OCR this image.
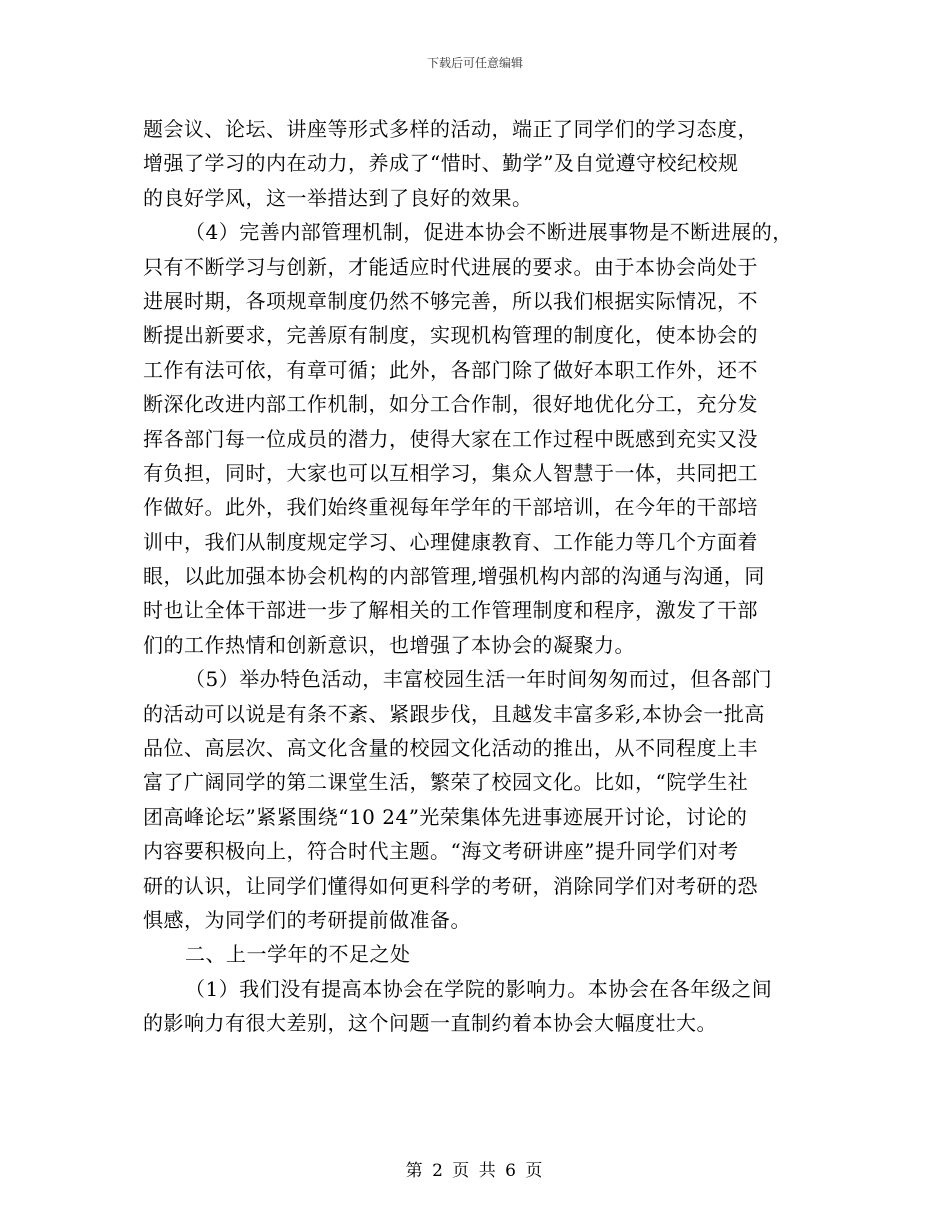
下载后可任意编辑
题会议、论坛、讲座等形式多样的活动，端正了同学们的学习态度，
增强了学习的内在动力，养成了“惜时、勤学”及自觉遵守校纪校规
的良好学风，这一举措达到了良好的效果。
（4）完善内部管理机制，促进本协会不断进展事物是不断进展的，
只有不断学习与创新，才能适应时代进展的要求。由于本协会尚处于
进展时期，各项规章制度仍然不够完善，所以我们根据实际情况，不
断提出新要求，完善原有制度，实现机构管理的制度化，使本协会的
工作有法可依，有章可循；此外，各部门除了做好本职工作外，还不
断深化改进内部工作机制，如分工合作制，很好地优化分工，充分发
挥各部门每一位成员的潜力，使得大家在工作过程中既感到充实又没
有负担，同时，大家也可以互相学习，集众人智慧于一体，共同把工
作做好。此外，我们始终重视每年学年的干部培训，在今年的干部培
训中，我们从制度规定学习、心理健康教育、工作能力等几个方面着
眼，以此加强本协会机构的内部管理,增强机构内部的沟通与沟通，同
时也让全体干部进一步了解相关的工作管理制度和程序，激发了干部
们的工作热情和创新意识，也增强了本协会的凝聚力。
（5）举办特色活动，丰富校园生活一年时间匆匆而过，但各部门
的活动可以说是有条不紊、紧跟步伐，且越发丰富多彩,本协会一批高
品位、高层次、高文化含量的校园文化活动的推出，从不同程度上丰
富了广阔同学的第二课堂生活，繁荣了校园文化。比如，“院学生社
团高峰论坛”紧紧围绕“10 24”光荣集体先进事迹展开讨论，讨论的
内容要积极向上，符合时代主题。“海文考研讲座”提升同学们对考
研的认识，让同学们懂得如何更科学的考研，消除同学们对考研的恐
惧感，为同学们的考研提前做准备。
二、上一学年的不足之处
（1）我们没有提高本协会在学院的影响力。本协会在各年级之间
的影响力有很大差别，这个问题一直制约着本协会大幅度壮大。
第 2 页 共 6 页
